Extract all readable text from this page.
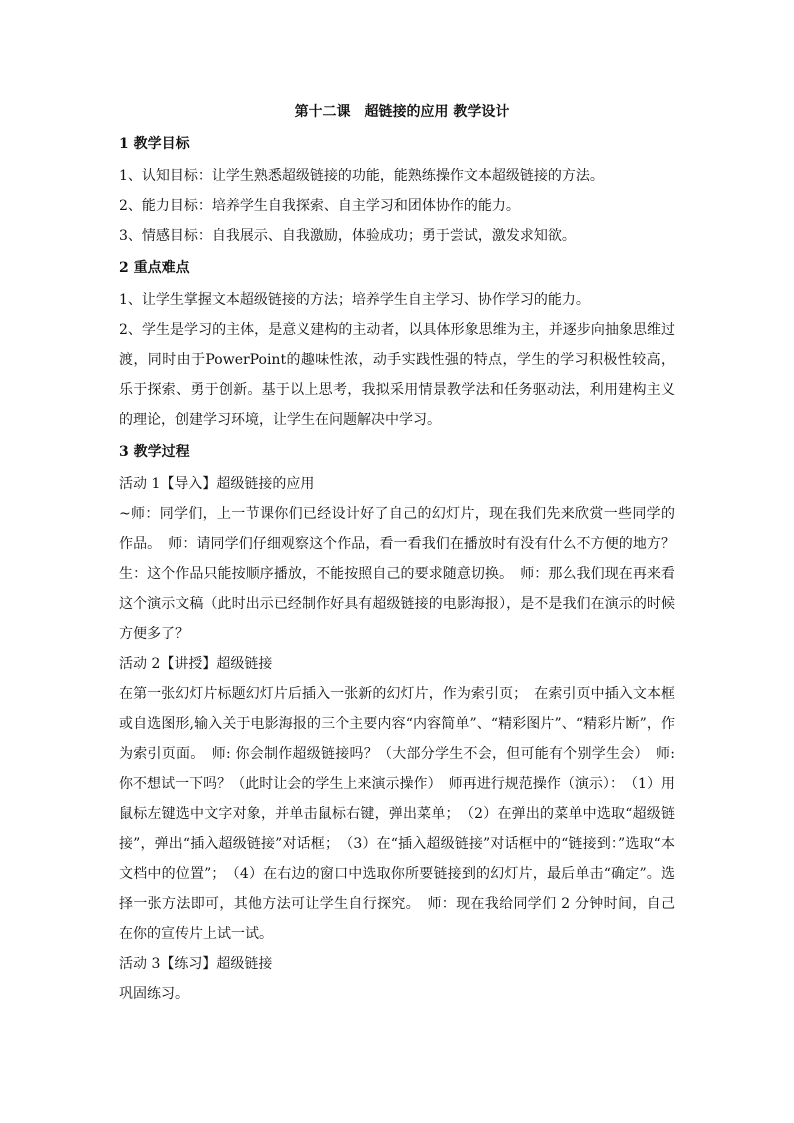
第十二课　超链接的应用 教学设计
1 教学目标

1、认知目标：让学生熟悉超级链接的功能，能熟练操作文本超级链接的方法。

2、能力目标：培养学生自我探索、自主学习和团体协作的能力。

3、情感目标：自我展示、自我激励，体验成功；勇于尝试，激发求知欲。

2 重点难点

1、让学生掌握文本超级链接的方法；培养学生自主学习、协作学习的能力。

2、学生是学习的主体，是意义建构的主动者，以具体形象思维为主，并逐步向抽象思维过渡，同时由于PowerPoint的趣味性浓，动手实践性强的特点，学生的学习积极性较高，乐于探索、勇于创新。基于以上思考，我拟采用情景教学法和任务驱动法，利用建构主义的理论，创建学习环境，让学生在问题解决中学习。

3 教学过程

活动 1【导入】超级链接的应用

~师：同学们，上一节课你们已经设计好了自己的幻灯片，现在我们先来欣赏一些同学的作品。　师：请同学们仔细观察这个作品，看一看我们在播放时有没有什么不方便的地方？生：这个作品只能按顺序播放，不能按照自己的要求随意切换。　师：那么我们现在再来看这个演示文稿（此时出示已经制作好具有超级链接的电影海报），是不是我们在演示的时候方便多了？

活动 2【讲授】超级链接

在第一张幻灯片标题幻灯片后插入一张新的幻灯片，作为索引页；　在索引页中插入文本框或自选图形,输入关于电影海报的三个主要内容“内容简单”、“精彩图片”、“精彩片断”，作为索引页面。　师: 你会制作超级链接吗？（大部分学生不会，但可能有个别学生会）　师: 你不想试一下吗？（此时让会的学生上来演示操作）　师再进行规范操作（演示）：　（1）用鼠标左键选中文字对象，并单击鼠标右键，弹出菜单；　（2）在弹出的菜单中选取“超级链接”，弹出“插入超级链接”对话框；　（3）在“插入超级链接”对话框中的“链接到：”选取“本文档中的位置”；　（4）在右边的窗口中选取你所要链接到的幻灯片，最后单击“确定”。选择一张方法即可，其他方法可让学生自行探究。　师：现在我给同学们 2 分钟时间，自己在你的宣传片上试一试。

活动 3【练习】超级链接

巩固练习。
